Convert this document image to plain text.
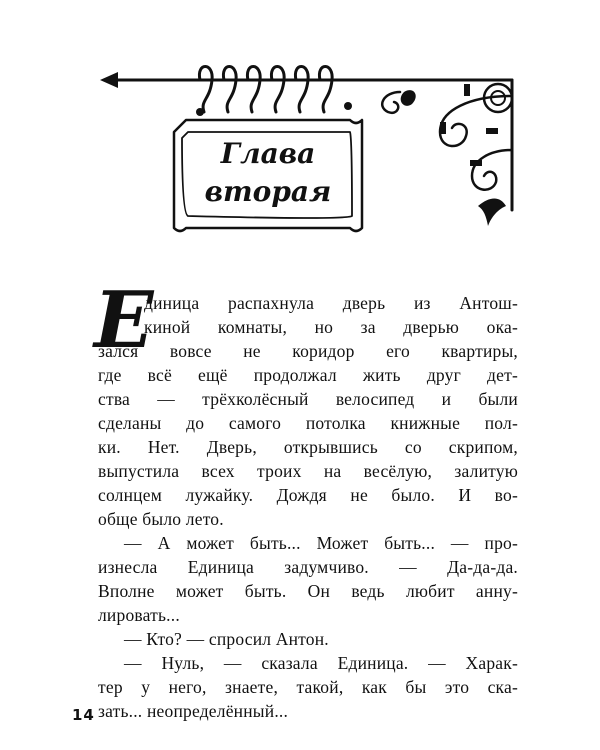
Глава
вторая
Е
диница распахнула дверь из Антош-
киной комнаты, но за дверью ока-
зался вовсе не коридор его квартиры,
где всё ещё продолжал жить друг дет-
ства — трёхколёсный велосипед и были
сделаны до самого потолка книжные пол-
ки. Нет. Дверь, открывшись со скрипом,
выпустила всех троих на весёлую, залитую
солнцем лужайку. Дождя не было. И во-
обще было лето.
— А может быть... Может быть... — про-
изнесла Единица задумчиво. — Да-да-да.
Вполне может быть. Он ведь любит анну-
лировать...
— Кто? — спросил Антон.
— Нуль, — сказала Единица. — Харак-
тер у него, знаете, такой, как бы это ска-
зать... неопределённый...
14
